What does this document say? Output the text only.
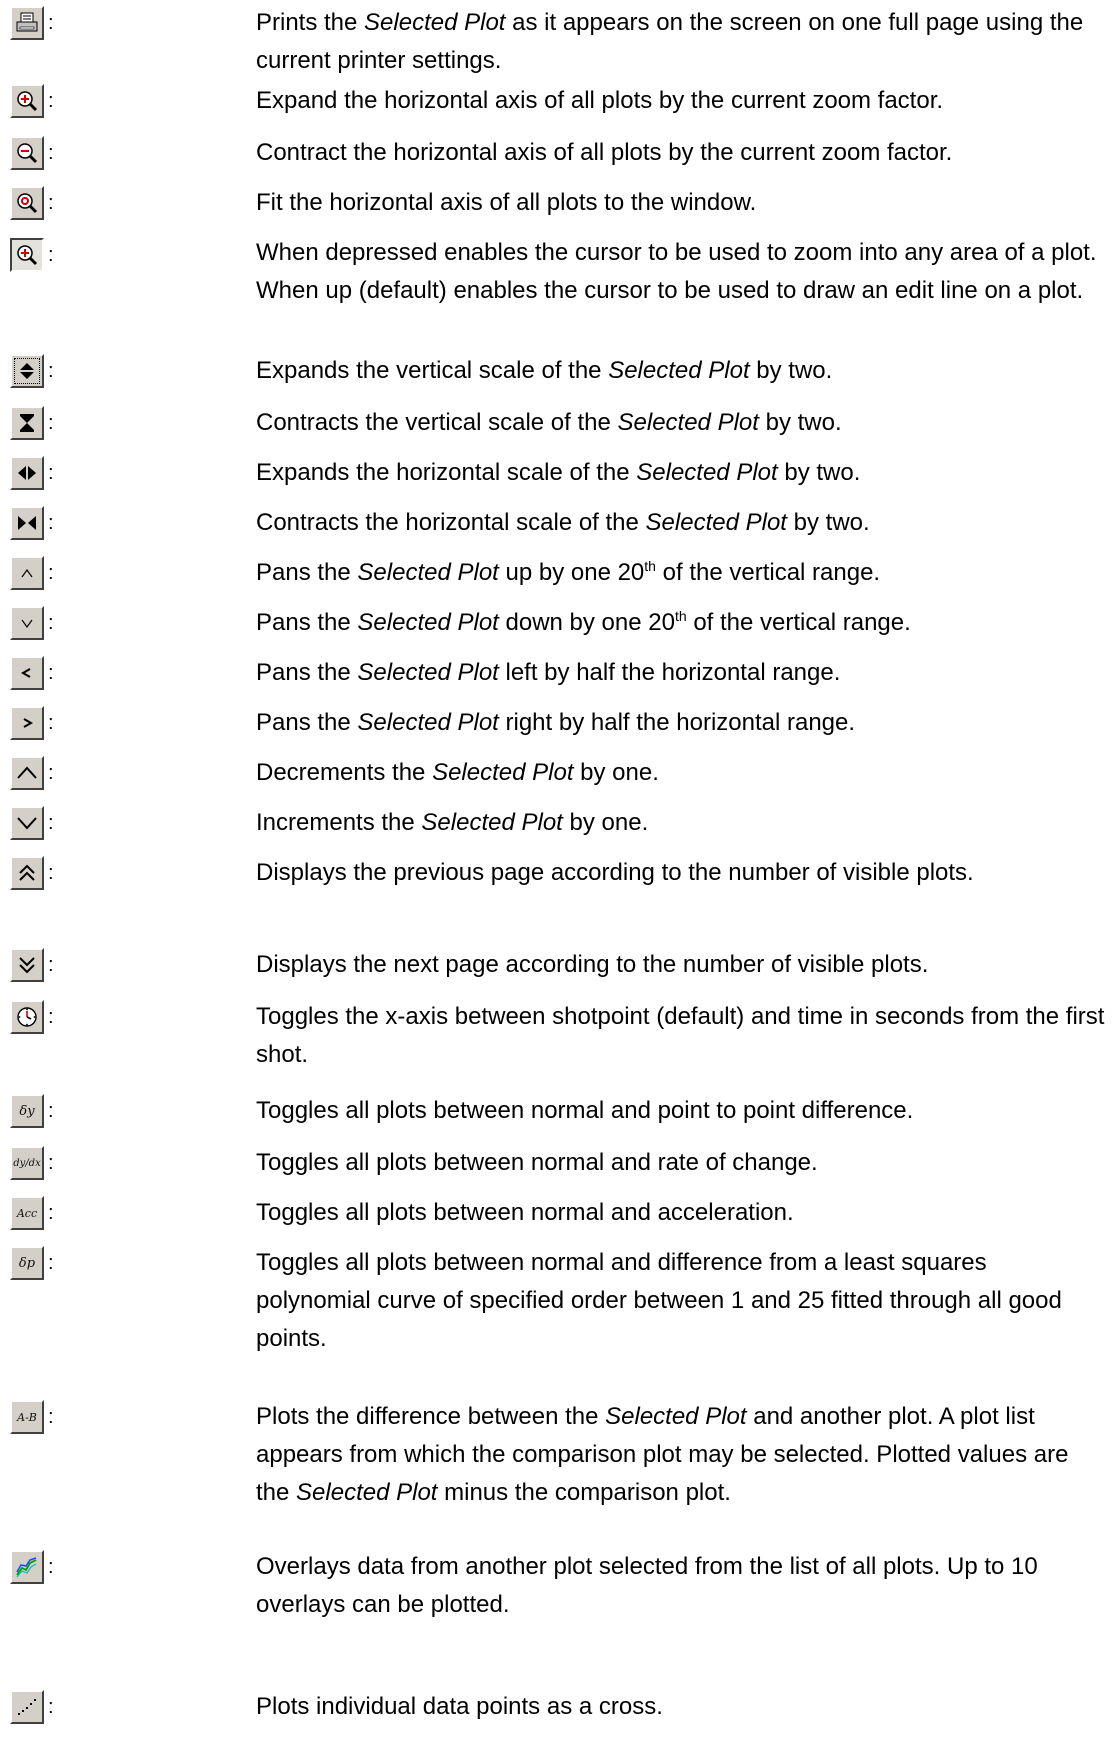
:	Prints the Selected Plot as it appears on the screen on one full page using the current printer settings.
:	Expand the horizontal axis of all plots by the current zoom factor.
:	Contract the horizontal axis of all plots by the current zoom factor.
:	Fit the horizontal axis of all plots to the window.
:	When depressed enables the cursor to be used to zoom into any area of a plot. When up (default) enables the cursor to be used to draw an edit line on a plot.
:	Expands the vertical scale of the Selected Plot by two.
:	Contracts the vertical scale of the Selected Plot by two.
:	Expands the horizontal scale of the Selected Plot by two.
:	Contracts the horizontal scale of the Selected Plot by two.
:	Pans the Selected Plot up by one 20th of the vertical range.
:	Pans the Selected Plot down by one 20th of the vertical range.
:	Pans the Selected Plot left by half the horizontal range.
:	Pans the Selected Plot right by half the horizontal range.
:	Decrements the Selected Plot by one.
:	Increments the Selected Plot by one.
:	Displays the previous page according to the number of visible plots.
:	Displays the next page according to the number of visible plots.
:	Toggles the x-axis between shotpoint (default) and time in seconds from the first shot.
δy :	Toggles all plots between normal and point to point difference.
dy/dx :	Toggles all plots between normal and rate of change.
Acc :	Toggles all plots between normal and acceleration.
δp :	Toggles all plots between normal and difference from a least squares polynomial curve of specified order between 1 and 25 fitted through all good points.
A-B :	Plots the difference between the Selected Plot and another plot. A plot list appears from which the comparison plot may be selected. Plotted values are the Selected Plot minus the comparison plot.
:	Overlays data from another plot selected from the list of all plots. Up to 10 overlays can be plotted.
:	Plots individual data points as a cross.
